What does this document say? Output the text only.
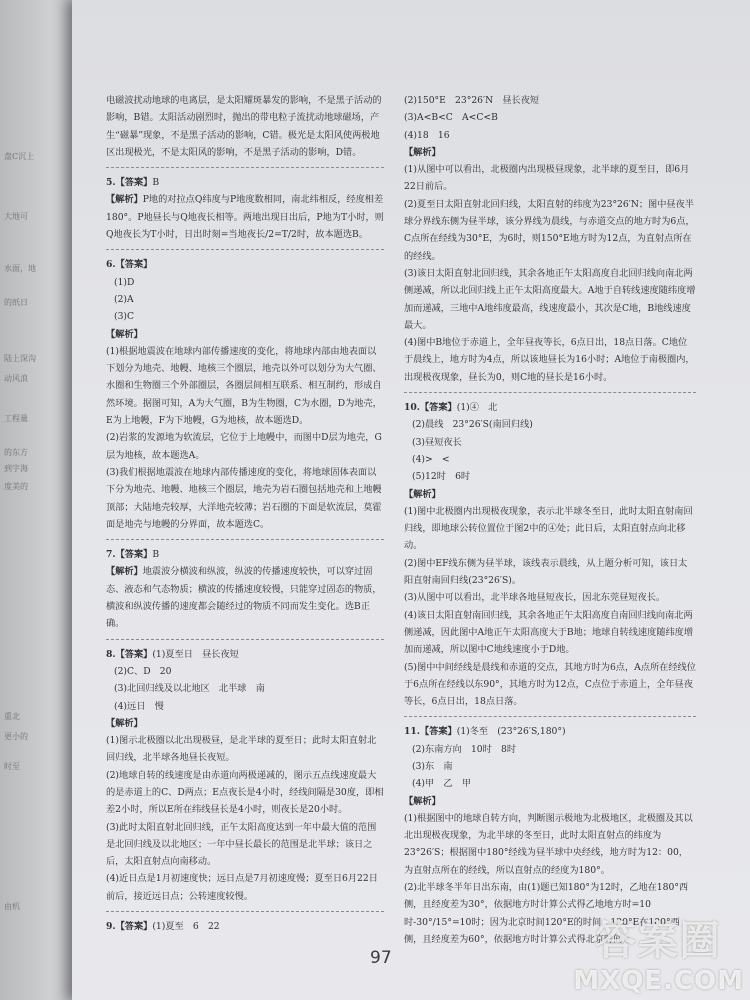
盘C沉上
大地可
水面，地
的纸日
陆上深沟
动风浪
工程量
的东方
到字海
度美的
重北
更小的
时至
由机
电磁波扰动地球的电离层，是太阳耀斑暴发的影响，不是黑子活动的影响，B错。太阳活动剧烈时，抛出的带电粒子流扰动地球磁场，产生“磁暴”现象，不是黑子活动的影响，C错。极光是太阳风使两极地区出现极光，不是太阳风的影响，不是黑子活动的影响，D错。
5.【答案】B
【解析】P地的对拉点Q纬度与P地度数相同，南北纬相反，经度相差180°。P地昼长与Q地夜长相等。两地出现日出后，P地为T小时，则Q地夜长为T小时，日出时刻=当地夜长/2=T/2时，故本题选B。
6.【答案】
(1)D
(2)A
(3)C
【解析】
(1)根据地震波在地球内部传播速度的变化，将地球内部由地表面以下划分为地壳、地幔、地核三个圈层，地壳以外可以划分为大气圈、水圈和生物圈三个外部圈层，各圈层间相互联系、相互制约，形成自然环境。据图可知，A为大气圈，B为生物圈，C为水圈，D为地壳，E为上地幔，F为下地幔，G为地核，故本题选D。
(2)岩浆的发源地为软流层，它位于上地幔中，而图中D层为地壳，G层为地核，故本题选A。
(3)我们根据地震波在地球内部传播速度的变化，将地球固体表面以下分为地壳、地幔、地核三个圈层，地壳为岩石圈包括地壳和上地幔顶部；大陆地壳较厚，大洋地壳较薄；岩石圈的下面是软流层，莫霍面是地壳与地幔的分界面，故本题选C。
7.【答案】B
【解析】地震波分横波和纵波，纵波的传播速度较快，可以穿过固态、液态和气态物质；横波的传播速度较慢，只能穿过固态的物质，横波和纵波传播的速度都会随经过的物质不同而发生变化。选B正确。
8.【答案】(1)夏至日　昼长夜短
(2)C、D　20
(3)北回归线及以北地区　北半球　南
(4)远日　慢
【解析】
(1)图示北极圈以北出现极昼，是北半球的夏至日；此时太阳直射北回归线，北半球各地昼长夜短。
(2)地球自转的线速度是由赤道向两极递减的，图示五点线速度最大的是赤道上的C、D两点；E点夜长是4小时，经线间隔是30度，即相差2小时，所以E所在纬线昼长是4小时，则夜长是20小时。
(3)此时太阳直射北回归线，正午太阳高度达到一年中最大值的范围是北回归线及以北地区；一年中昼长最长的范围是北半球；该日之后，太阳直射点向南移动。
(4)近日点是1月初速度快；远日点是7月初速度慢；夏至日6月22日前后，接近远日点；公转速度较慢。
9.【答案】(1)夏至　6　22
(2)150°E　23°26′N　昼长夜短
(3)A<B<C　A<C<B
(4)18　16
【解析】
(1)从图中可以看出，北极圈内出现极昼现象，北半球的夏至日，即6月22日前后。
(2)夏至日太阳直射北回归线，太阳直射的纬度为23°26′N；图中昼夜半球分界线东侧为昼半球，该分界线为晨线，与赤道交点的地方时为6点，C点所在经线为30°E，为6时，则150°E地方时为12点，为直射点所在的经线。
(3)该日太阳直射北回归线，其余各地正午太阳高度自北回归线向南北两侧递减，所以北回归线上正午太阳高度最大。A地于自转线速度随纬度增加而递减，三地中A地纬度最高，线速度最小，其次是C地，B地线速度最大。
(4)图中B地位于赤道上，全年昼夜等长，6点日出，18点日落。C地位于晨线上，地方时为4点，所以该地昼长为16小时；A地位于南极圈内，出现极夜现象，昼长为0，则C地的昼长是16小时。
10.【答案】(1)④　北
(2)晨线　23°26′S(南回归线)
(3)昼短夜长
(4)>　<
(5)12时　6时
【解析】
(1)图中北极圈内出现极夜现象，表示北半球冬至日，此时太阳直射南回归线，即地球公转位置位于图2中的④处；此日后，太阳直射点向北移动。
(2)图中EF线东侧为昼半球，该线表示晨线，从上题分析可知，该日太阳直射南回归线(23°26′S)。
(3)从图中可以看出，北半球各地昼短夜长，因北东莞昼短夜长。
(4)该日太阳直射南回归线，其余各地正午太阳高度自南回归线向南北两侧递减，因此图中A地正午太阳高度大于B地；地球自转线速度随纬度增加而递减，所以图中C地线速度小于D地。
(5)图中中间经线是晨线和赤道的交点，其地方时为6点，A点所在经线位于6点所在经线以东90°，其地方时为12点，C点位于赤道上，全年昼夜等长，6点日出，18点日落。
11.【答案】(1)冬至　(23°26′S,180°)
(2)东南方向　10时　8时
(3)东　南
(4)甲　乙　甲
【解析】
(1)根据图中的地球自转方向，判断图示极地为北极地区，北极圈及其以北出现极夜现象，为北半球的冬至日，此时太阳直射点的纬度为23°26′S；根据图中180°经线为昼半球中央经线，地方时为12：00，为直射点所在的经线，所以直射点的经度为180°。
(2)北半球冬半年日出东南，由(1)题已知180°为12时，乙地在180°西侧，且经度差为30°，依据地方时计算公式得乙地地方时=10时-30°/15°=10时；因为北京时间120°E的时间，120°E在180°西侧，且经度差为60°，依据地方时计算公式得北京时间=
97	答案圈
MXQE.COM
